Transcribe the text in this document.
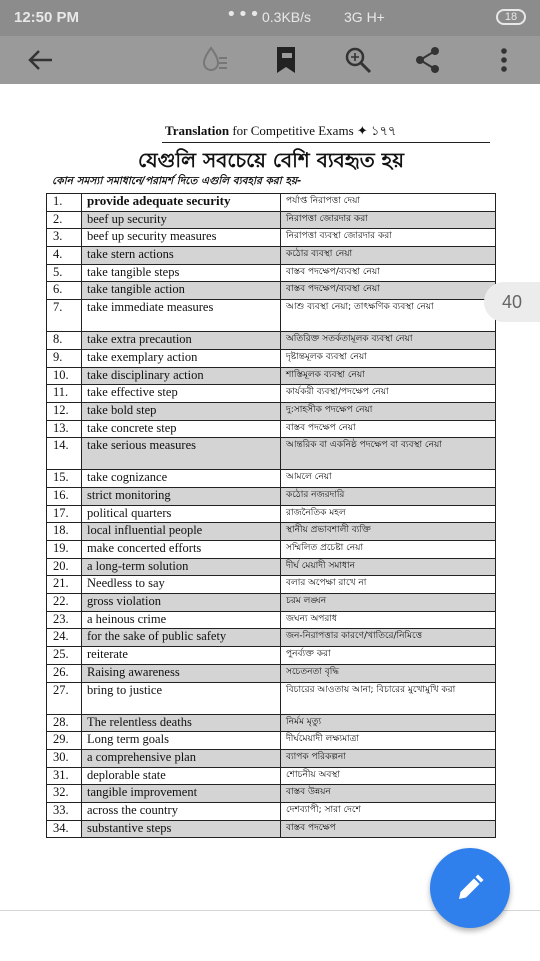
12:50 PM	••• 0.3KB/s 3G H+	18
Translation for Competitive Exams ✦ ১৭৭
যেগুলি সবচেয়ে বেশি ব্যবহৃত হয়
কোন সমস্যা সমাধানে/পরামর্শ দিতে এগুলি ব্যবহার করা হয়-
1.	provide adequate security	পর্যাপ্ত নিরাপত্তা দেয়া
2.	beef up security	নিরাপত্তা জোরদার করা
3.	beef up security measures	নিরাপত্তা ব্যবস্থা জোরদার করা
4.	take stern actions	কঠোর ব্যবস্থা নেয়া
5.	take tangible steps	বাস্তব পদক্ষেপ/ব্যবস্থা নেয়া
6.	take tangible action	বাস্তব পদক্ষেপ/ব্যবস্থা নেয়া
7.	take immediate measures	আশু ব্যবস্থা নেয়া; তাৎক্ষণিক ব্যবস্থা নেয়া
8.	take extra precaution	অতিরিক্ত সতর্কতামূলক ব্যবস্থা নেয়া
9.	take exemplary action	দৃষ্টান্তমূলক ব্যবস্থা নেয়া
10.	take disciplinary action	শাস্তিমূলক ব্যবস্থা নেয়া
11.	take effective step	কার্যকরী ব্যবস্থা/পদক্ষেপ নেয়া
12.	take bold step	দু:সাহসীক পদক্ষেপ নেয়া
13.	take concrete step	বাস্তব পদক্ষেপ নেয়া
14.	take serious measures	আন্তরিক বা একনিষ্ঠ পদক্ষেপ বা ব্যবস্থা নেয়া
15.	take cognizance	আমলে নেয়া
16.	strict monitoring	কঠোর নজরদারি
17.	political quarters	রাজনৈতিক মহল
18.	local influential people	স্থানীয় প্রভাবশালী ব্যক্তি
19.	make concerted efforts	সম্মিলিত প্রচেষ্টা নেয়া
20.	a long-term solution	দীর্ঘ মেয়াদী সমাধান
21.	Needless to say	বলার অপেক্ষা রাখে না
22.	gross violation	চরম লঙ্ঘন
23.	a heinous crime	জঘন্য অপরাধ
24.	for the sake of public safety	জন-নিরাপত্তার কারণে/খাতিরে/নিমিত্তে
25.	reiterate	পুনর্ব্যক্ত করা
26.	Raising awareness	সচেতনতা বৃদ্ধি
27.	bring to justice	বিচারের আওতায় আনা; বিচারের মুখোমুখি করা
28.	The relentless deaths	নির্মম মৃত্যু
29.	Long term goals	দীর্ঘমেয়াদী লক্ষ্যমাত্রা
30.	a comprehensive plan	ব্যাপক পরিকল্পনা
31.	deplorable state	শোচনীয় অবস্থা
32.	tangible improvement	বাস্তব উন্নয়ন
33.	across the country	দেশব্যাপী; সারা দেশে
34.	substantive steps	বাস্তব পদক্ষেপ
40
